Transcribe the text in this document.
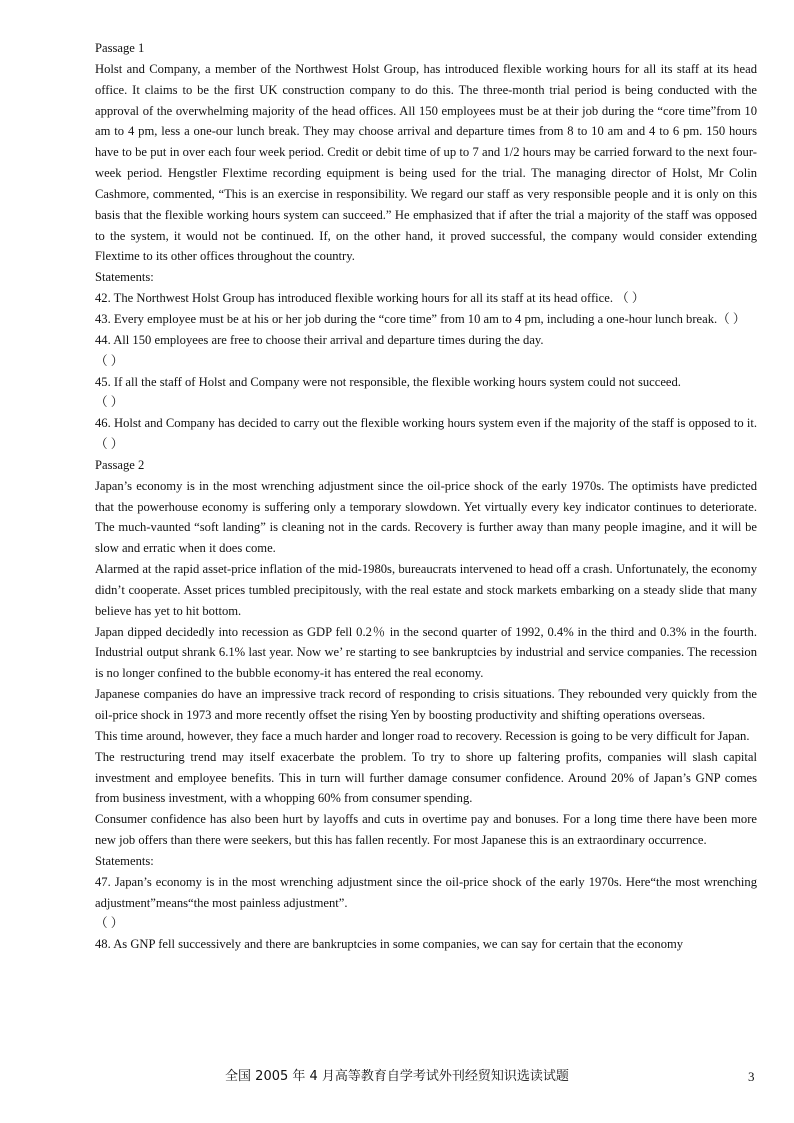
Passage 1
Holst and Company, a member of the Northwest Holst Group, has introduced flexible working hours for all its staff at its head office. It claims to be the first UK construction company to do this. The three-month trial period is being conducted with the approval of the overwhelming majority of the head offices. All 150 employees must be at their job during the “core time”from 10 am to 4 pm, less a one-our lunch break. They may choose arrival and departure times from 8 to 10 am and 4 to 6 pm. 150 hours have to be put in over each four week period. Credit or debit time of up to 7 and 1/2 hours may be carried forward to the next four-week period. Hengstler Flextime recording equipment is being used for the trial. The managing director of Holst, Mr Colin Cashmore, commented, “This is an exercise in responsibility. We regard our staff as very responsible people and it is only on this basis that the flexible working hours system can succeed.” He emphasized that if after the trial a majority of the staff was opposed to the system, it would not be continued. If, on the other hand, it proved successful, the company would consider extending Flextime to its other offices throughout the country.
Statements:
42. The Northwest Holst Group has introduced flexible working hours for all its staff at its head office. （ ）
43. Every employee must be at his or her job during the “core time” from 10 am to 4 pm, including a one-hour lunch break.（ ）
44. All 150 employees are free to choose their arrival and departure times during the day.
（ ）
45. If all the staff of Holst and Company were not responsible, the flexible working hours system could not succeed.
（ ）
46. Holst and Company has decided to carry out the flexible working hours system even if the majority of the staff is opposed to it.（ ）
Passage 2
Japan’s economy is in the most wrenching adjustment since the oil-price shock of the early 1970s. The optimists have predicted that the powerhouse economy is suffering only a temporary slowdown. Yet virtually every key indicator continues to deteriorate. The much-vaunted “soft landing” is cleaning not in the cards. Recovery is further away than many people imagine, and it will be slow and erratic when it does come.
Alarmed at the rapid asset-price inflation of the mid-1980s, bureaucrats intervened to head off a crash. Unfortunately, the economy didn’t cooperate. Asset prices tumbled precipitously, with the real estate and stock markets embarking on a steady slide that many believe has yet to hit bottom.
Japan dipped decidedly into recession as GDP fell 0.2％ in the second quarter of 1992, 0.4% in the third and 0.3% in the fourth. Industrial output shrank 6.1% last year. Now we’ re starting to see bankruptcies by industrial and service companies. The recession is no longer confined to the bubble economy-it has entered the real economy.
Japanese companies do have an impressive track record of responding to crisis situations. They rebounded very quickly from the oil-price shock in 1973 and more recently offset the rising Yen by boosting productivity and shifting operations overseas.
This time around, however, they face a much harder and longer road to recovery. Recession is going to be very difficult for Japan.
The restructuring trend may itself exacerbate the problem. To try to shore up faltering profits, companies will slash capital investment and employee benefits. This in turn will further damage consumer confidence. Around 20% of Japan’s GNP comes from business investment, with a whopping 60% from consumer spending.
Consumer confidence has also been hurt by layoffs and cuts in overtime pay and bonuses. For a long time there have been more new job offers than there were seekers, but this has fallen recently. For most Japanese this is an extraordinary occurrence.
Statements:
47. Japan’s economy is in the most wrenching adjustment since the oil-price shock of the early 1970s. Here“the most wrenching adjustment”means“the most painless adjustment”.
（ ）
48. As GNP fell successively and there are bankruptcies in some companies, we can say for certain that the economy
全国 2005 年 4 月高等教育自学考试外刊经贸知识选读试题	3
